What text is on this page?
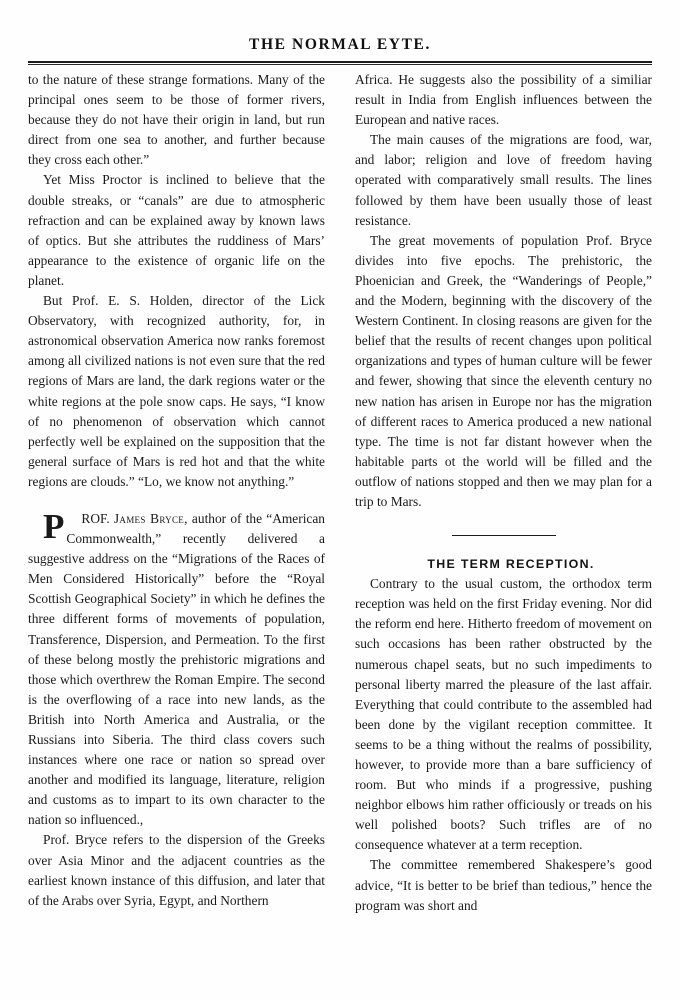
THE NORMAL EYTE.

to the nature of these strange formations. Many of the principal ones seem to be those of former rivers, because they do not have their origin in land, but run direct from one sea to another, and further because they cross each other.”

Yet Miss Proctor is inclined to believe that the double streaks, or “canals” are due to atmospheric refraction and can be explained away by known laws of optics. But she attributes the ruddiness of Mars’ appearance to the existence of organic life on the planet.

But Prof. E. S. Holden, director of the Lick Observatory, with recognized authority, for, in astronomical observation America now ranks foremost among all civilized nations is not even sure that the red regions of Mars are land, the dark regions water or the white regions at the pole snow caps. He says, “I know of no phenomenon of observation which cannot perfectly well be explained on the supposition that the general surface of Mars is red hot and that the white regions are clouds.” “Lo, we know not anything.”

P ROF. James Bryce, author of the “American Commonwealth,” recently delivered a suggestive address on the “Migrations of the Races of Men Considered Historically” before the “Royal Scottish Geographical Society” in which he defines the three different forms of movements of population, Transference, Dispersion, and Permeation. To the first of these belong mostly the prehistoric migrations and those which overthrew the Roman Empire. The second is the overflowing of a race into new lands, as the British into North America and Australia, or the Russians into Siberia. The third class covers such instances where one race or nation so spread over another and modified its language, literature, religion and customs as to impart to its own character to the nation so influenced.,

Prof. Bryce refers to the dispersion of the Greeks over Asia Minor and the adjacent countries as the earliest known instance of this diffusion, and later that of the Arabs over Syria, Egypt, and Northern

Africa. He suggests also the possibility of a similiar result in India from English influences between the European and native races.

The main causes of the migrations are food, war, and labor; religion and love of freedom having operated with comparatively small results. The lines followed by them have been usually those of least resistance.

The great movements of population Prof. Bryce divides into five epochs. The prehistoric, the Phoenician and Greek, the “Wanderings of People,” and the Modern, beginning with the discovery of the Western Continent. In closing reasons are given for the belief that the results of recent changes upon political organizations and types of human culture will be fewer and fewer, showing that since the eleventh century no new nation has arisen in Europe nor has the migration of different races to America produced a new national type. The time is not far distant however when the habitable parts ot the world will be filled and the outflow of nations stopped and then we may plan for a trip to Mars.

THE TERM RECEPTION.

Contrary to the usual custom, the orthodox term reception was held on the first Friday evening. Nor did the reform end here. Hitherto freedom of movement on such occasions has been rather obstructed by the numerous chapel seats, but no such impediments to personal liberty marred the pleasure of the last affair. Everything that could contribute to the assembled had been done by the vigilant reception committee. It seems to be a thing without the realms of possibility, however, to provide more than a bare sufficiency of room. But who minds if a progressive, pushing neighbor elbows him rather officiously or treads on his well polished boots? Such trifles are of no consequence whatever at a term reception.

The committee remembered Shakespere’s good advice, “It is better to be brief than tedious,” hence the program was short and
